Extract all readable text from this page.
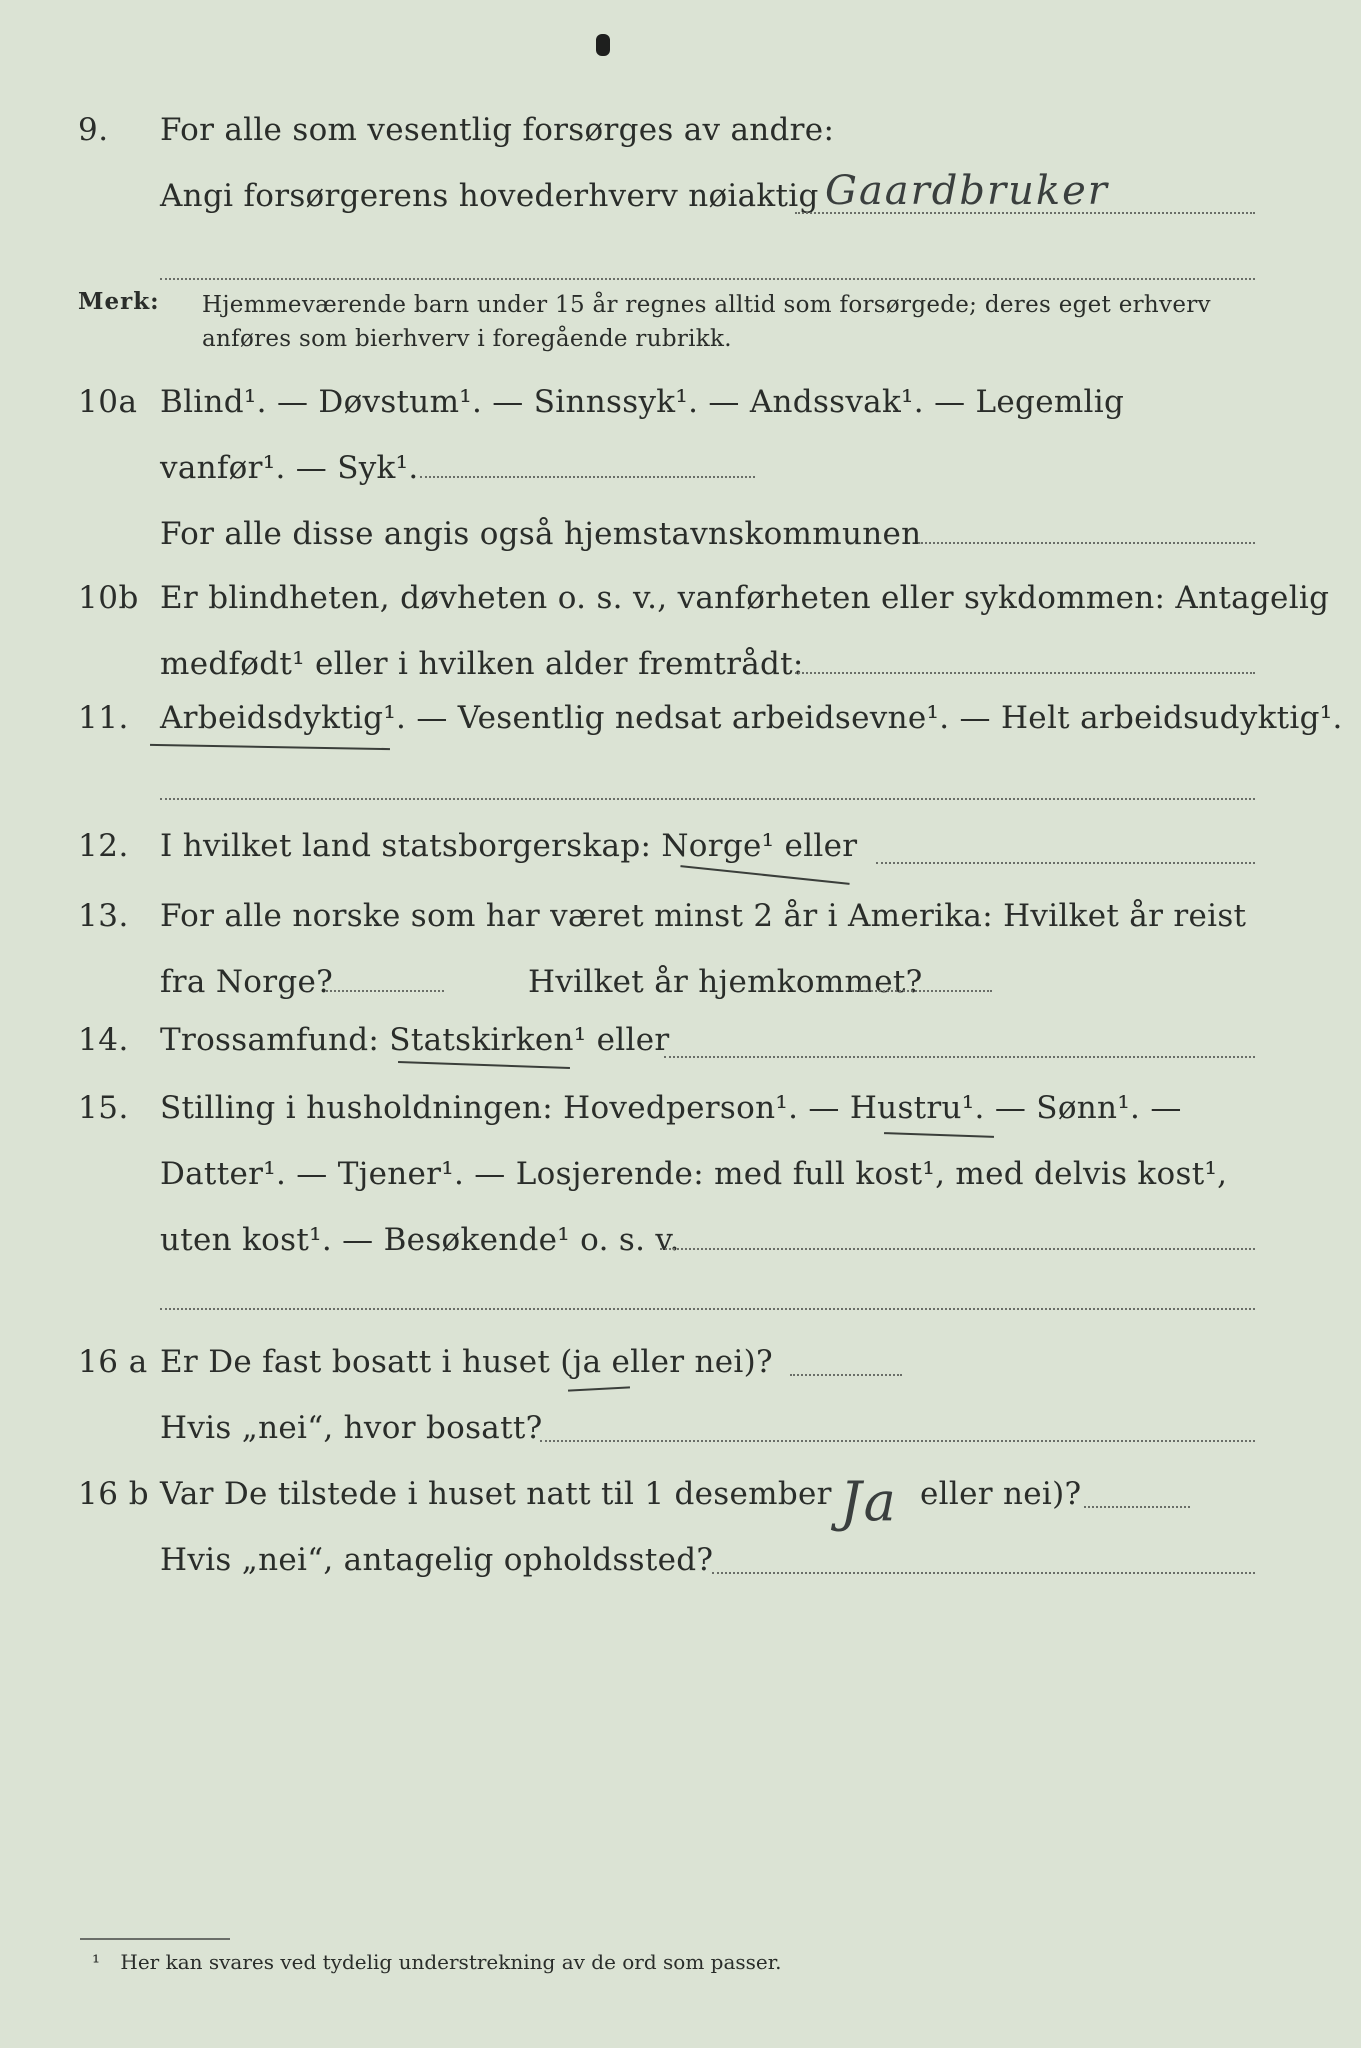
9. For alle som vesentlig forsørges av andre:
Angi forsørgerens hovederhverv nøiaktig Gaardbruker
Merk: Hjemmeværende barn under 15 år regnes alltid som forsørgede; deres eget erhverv
anføres som bierhverv i foregående rubrikk.
10a Blind¹. — Døvstum¹. — Sinnssyk¹. — Andssvak¹. — Legemlig
vanfør¹. — Syk¹.
For alle disse angis også hjemstavnskommunen
10b Er blindheten, døvheten o. s. v., vanførheten eller sykdommen: Antagelig
medfødt¹ eller i hvilken alder fremtrådt:
11. Arbeidsdyktig¹. — Vesentlig nedsat arbeidsevne¹. — Helt arbeidsudyktig¹.
12. I hvilket land statsborgerskap: Norge¹ eller
13. For alle norske som har været minst 2 år i Amerika: Hvilket år reist
fra Norge?	Hvilket år hjemkommet?
14. Trossamfund: Statskirken¹ eller
15. Stilling i husholdningen: Hovedperson¹. — Hustru¹. — Sønn¹. —
Datter¹. — Tjener¹. — Losjerende: med full kost¹, med delvis kost¹,
uten kost¹. — Besøkende¹ o. s. v.
16 a Er De fast bosatt i huset (ja eller nei)?
Hvis „nei“, hvor bosatt?
16 b Var De tilstede i huset natt til 1 desember	eller nei)?
Hvis „nei“, antagelig opholdssted?
Ja
¹ Her kan svares ved tydelig understrekning av de ord som passer.
